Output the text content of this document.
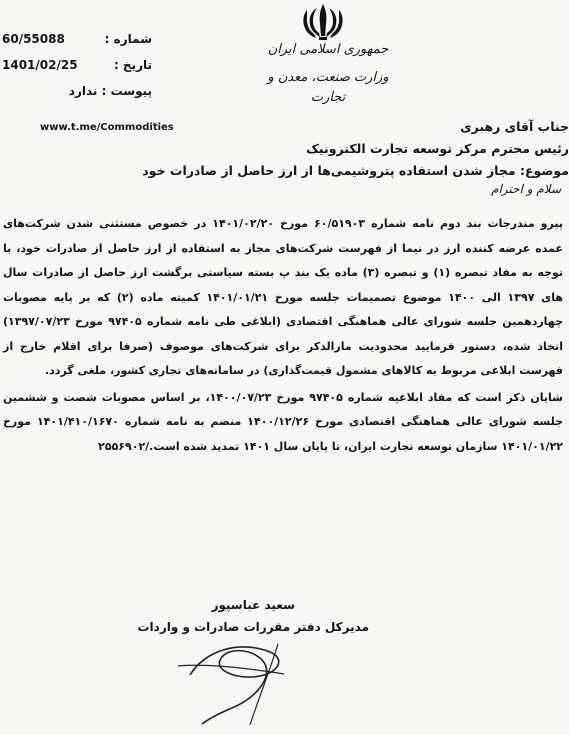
60/55088	شماره :
1401/02/25	تاریخ :
پیوست : ندارد
جمهوری اسلامی ایران
وزارت صنعت، معدن و تجارت
www.t.me/Commodities	جناب آقای رهبری
رئیس محترم مرکز توسعه تجارت الکترونیک
موضوع: مجاز شدن استفاده پتروشیمی‌ها از ارز حاصل از صادرات خود
سلام و احترام

پیرو مندرجات بند دوم نامه شماره ۶۰/۵۱۹۰۳ مورخ ۱۴۰۱/۰۲/۲۰ در خصوص مستثنی شدن شرکت‌های عمده عرضه کننده ارز در نیما از فهرست شرکت‌های مجاز به استفاده از ارز حاصل از صادرات خود، با توجه به مفاد تبصره (۱) و تبصره (۳) ماده یک بند پ بسته سیاستی برگشت ارز حاصل از صادرات سال های ۱۳۹۷ الی ۱۴۰۰ موضوع تصمیمات جلسه مورخ ۱۴۰۱/۰۱/۲۱ کمیته ماده (۲) که بر پایه مصوبات چهاردهمین جلسه شورای عالی هماهنگی اقتصادی (ابلاغی طی نامه شماره ۹۷۴۰۵ مورخ ۱۳۹۷/۰۷/۲۳) اتخاذ شده، دستور فرمایید محدودیت مارالذکر برای شرکت‌های موصوف (صرفا برای اقلام خارج از فهرست ابلاغی مربوط به کالاهای مشمول قیمت‌گذاری) در سامانه‌های تجاری کشور، ملغی گردد.

شایان ذکر است که مفاد ابلاغیه شماره ۹۷۴۰۵ مورخ ۱۴۰۰/۰۷/۲۳، بر اساس مصوبات شصت و ششمین جلسه شورای عالی هماهنگی اقتصادی مورخ ۱۴۰۰/۱۲/۲۶ منضم به نامه شماره ۱۴۰۱/۴۱۰/۱۶۷۰ مورخ ۱۴۰۱/۰۱/۲۲ سازمان توسعه تجارت ایران، تا پایان سال ۱۴۰۱ تمدید شده است./۲۵۵۶۹۰۲

سعید عباسپور
مدیرکل دفتر مقررات صادرات و واردات
